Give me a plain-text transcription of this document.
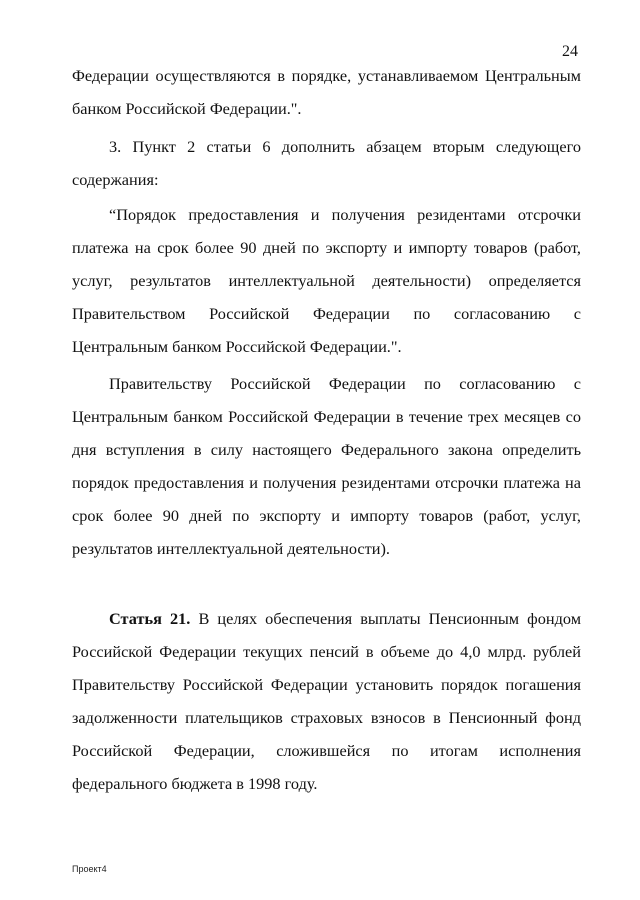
24

Федерации осуществляются в порядке, устанавливаемом Центральным банком Российской Федерации.".

3. Пункт 2 статьи 6 дополнить абзацем вторым следующего содержания:

“Порядок предоставления и получения резидентами отсрочки платежа на срок более 90 дней по экспорту и импорту товаров (работ, услуг, результатов интеллектуальной деятельности) определяется Правительством Российской Федерации по согласованию с Центральным банком Российской Федерации.".

Правительству Российской Федерации по согласованию с Центральным банком Российской Федерации в течение трех месяцев со дня вступления в силу настоящего Федерального закона определить порядок предоставления и получения резидентами отсрочки платежа на срок более 90 дней по экспорту и импорту товаров (работ, услуг, результатов интеллектуальной деятельности).

Статья 21. В целях обеспечения выплаты Пенсионным фондом Российской Федерации текущих пенсий в объеме до 4,0 млрд. рублей Правительству Российской Федерации установить порядок погашения задолженности плательщиков страховых взносов в Пенсионный фонд Российской Федерации, сложившейся по итогам исполнения федерального бюджета в 1998 году.

Проект4
